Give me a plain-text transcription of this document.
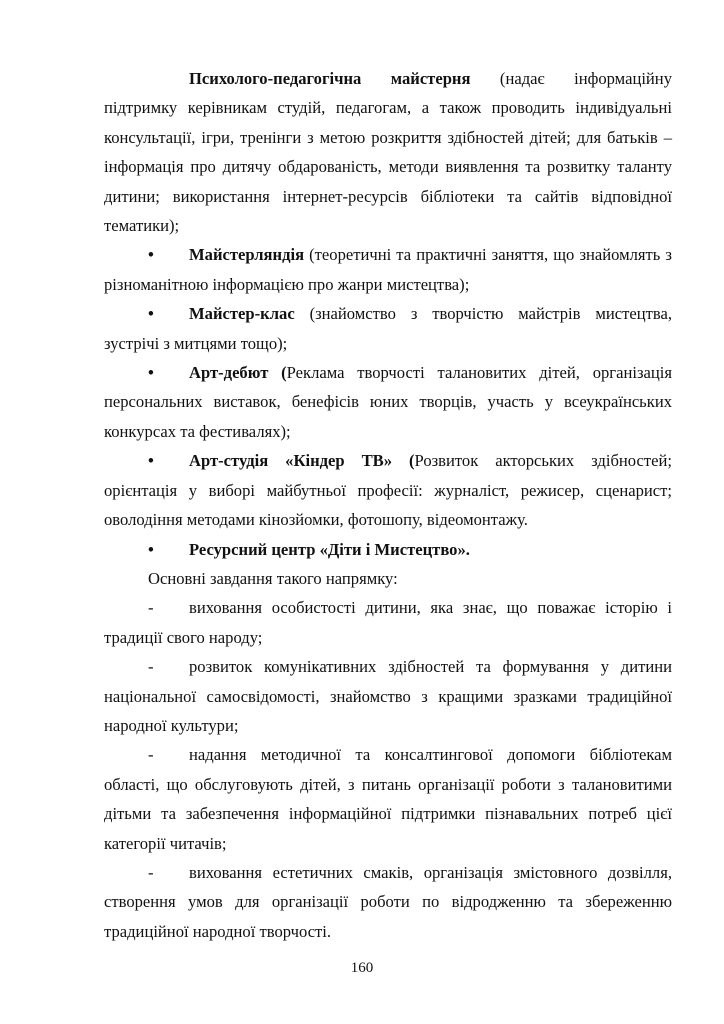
Психолого-педагогічна майстерня (надає інформаційну підтримку керівникам студій, педагогам, а також проводить індивідуальні консультації, ігри, тренінги з метою розкриття здібностей дітей; для батьків – інформація про дитячу обдарованість, методи виявлення та розвитку таланту дитини; використання інтернет-ресурсів бібліотеки та сайтів відповідної тематики);

• Майстерляндія (теоретичні та практичні заняття, що знайомлять з різноманітною інформацією про жанри мистецтва);

• Майстер-клас (знайомство з творчістю майстрів мистецтва, зустрічі з митцями тощо);

• Арт-дебют (Реклама творчості талановитих дітей, організація персональних виставок, бенефісів юних творців, участь у всеукраїнських конкурсах та фестивалях);

• Арт-студія «Кіндер ТВ» (Розвиток акторських здібностей; орієнтація у виборі майбутньої професії: журналіст, режисер, сценарист; оволодіння методами кінозйомки, фотошопу, відеомонтажу.

• Ресурсний центр «Діти і Мистецтво».

Основні завдання такого напрямку:

- виховання особистості дитини, яка знає, що поважає історію і традиції свого народу;

- розвиток комунікативних здібностей та формування у дитини національної самосвідомості, знайомство з кращими зразками традиційної народної культури;

- надання методичної та консалтингової допомоги бібліотекам області, що обслуговують дітей, з питань організації роботи з талановитими дітьми та забезпечення інформаційної підтримки пізнавальних потреб цієї категорії читачів;

- виховання естетичних смаків, організація змістовного дозвілля, створення умов для організації роботи по відродженню та збереженню традиційної народної творчості.

160
